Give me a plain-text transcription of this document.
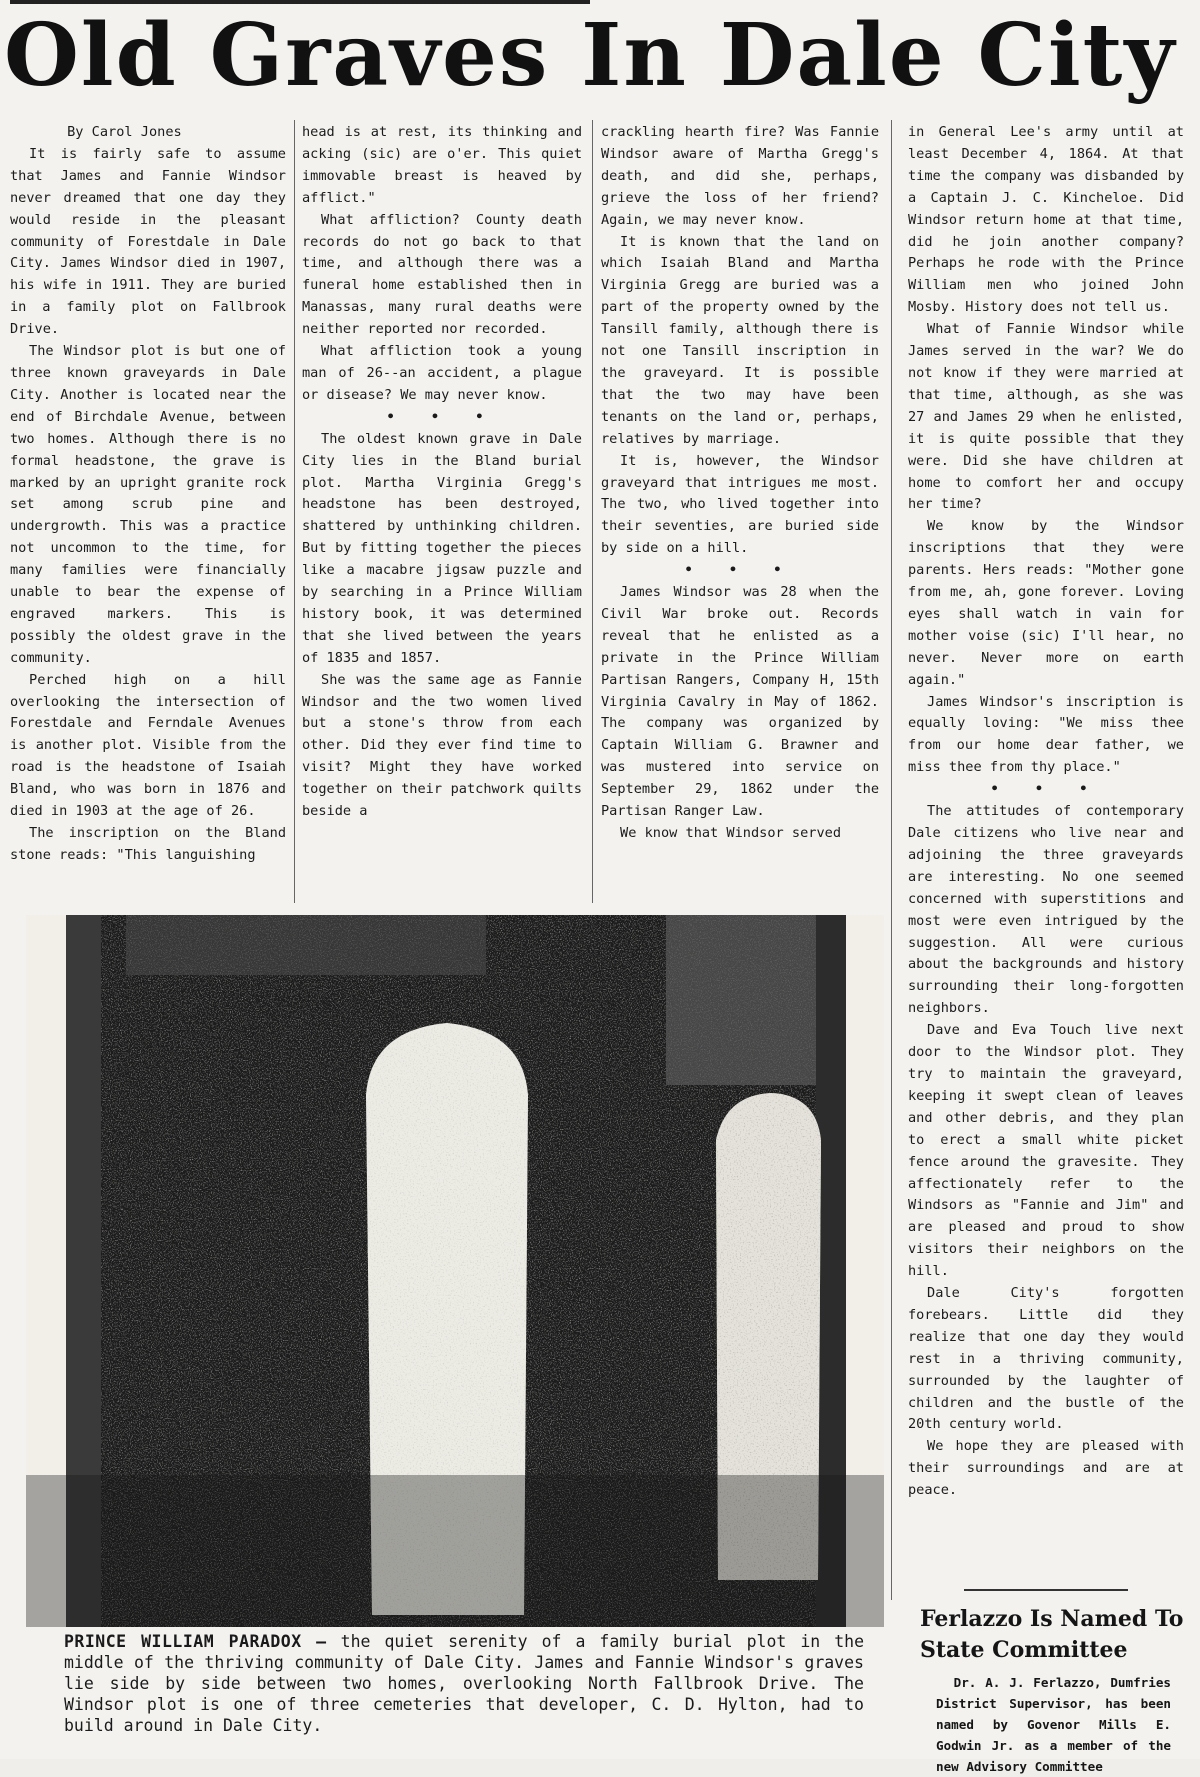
Old Graves In Dale City

By Carol Jones

It is fairly safe to assume that James and Fannie Windsor never dreamed that one day they would reside in the pleasant community of Forestdale in Dale City. James Windsor died in 1907, his wife in 1911. They are buried in a family plot on Fallbrook Drive.

The Windsor plot is but one of three known graveyards in Dale City. Another is located near the end of Birchdale Avenue, between two homes. Although there is no formal headstone, the grave is marked by an upright granite rock set among scrub pine and undergrowth. This was a practice not uncommon to the time, for many families were financially unable to bear the expense of engraved markers. This is possibly the oldest grave in the community.

Perched high on a hill overlooking the intersection of Forestdale and Ferndale Avenues is another plot. Visible from the road is the headstone of Isaiah Bland, who was born in 1876 and died in 1903 at the age of 26.

The inscription on the Bland stone reads: "This languishing

head is at rest, its thinking and acking (sic) are o'er. This quiet immovable breast is heaved by afflict."

What affliction? County death records do not go back to that time, and although there was a funeral home established then in Manassas, many rural deaths were neither reported nor recorded.

What affliction took a young man of 26--an accident, a plague or disease? We may never know.

• • •

The oldest known grave in Dale City lies in the Bland burial plot. Martha Virginia Gregg's headstone has been destroyed, shattered by unthinking children. But by fitting together the pieces like a macabre jigsaw puzzle and by searching in a Prince William history book, it was determined that she lived between the years of 1835 and 1857.

She was the same age as Fannie Windsor and the two women lived but a stone's throw from each other. Did they ever find time to visit? Might they have worked together on their patchwork quilts beside a

crackling hearth fire? Was Fannie Windsor aware of Martha Gregg's death, and did she, perhaps, grieve the loss of her friend? Again, we may never know.

It is known that the land on which Isaiah Bland and Martha Virginia Gregg are buried was a part of the property owned by the Tansill family, although there is not one Tansill inscription in the graveyard. It is possible that the two may have been tenants on the land or, perhaps, relatives by marriage.

It is, however, the Windsor graveyard that intrigues me most. The two, who lived together into their seventies, are buried side by side on a hill.

• • •

James Windsor was 28 when the Civil War broke out. Records reveal that he enlisted as a private in the Prince William Partisan Rangers, Company H, 15th Virginia Cavalry in May of 1862. The company was organized by Captain William G. Brawner and was mustered into service on September 29, 1862 under the Partisan Ranger Law.

We know that Windsor served

in General Lee's army until at least December 4, 1864. At that time the company was disbanded by a Captain J. C. Kincheloe. Did Windsor return home at that time, did he join another company? Perhaps he rode with the Prince William men who joined John Mosby. History does not tell us.

What of Fannie Windsor while James served in the war? We do not know if they were married at that time, although, as she was 27 and James 29 when he enlisted, it is quite possible that they were. Did she have children at home to comfort her and occupy her time?

We know by the Windsor inscriptions that they were parents. Hers reads: "Mother gone from me, ah, gone forever. Loving eyes shall watch in vain for mother voise (sic) I'll hear, no never. Never more on earth again."

James Windsor's inscription is equally loving: "We miss thee from our home dear father, we miss thee from thy place."

• • •

The attitudes of contemporary Dale citizens who live near and adjoining the three graveyards are interesting. No one seemed concerned with superstitions and most were even intrigued by the suggestion. All were curious about the backgrounds and history surrounding their long-forgotten neighbors.

Dave and Eva Touch live next door to the Windsor plot. They try to maintain the graveyard, keeping it swept clean of leaves and other debris, and they plan to erect a small white picket fence around the gravesite. They affectionately refer to the Windsors as "Fannie and Jim" and are pleased and proud to show visitors their neighbors on the hill.

Dale City's forgotten forebears. Little did they realize that one day they would rest in a thriving community, surrounded by the laughter of children and the bustle of the 20th century world.

We hope they are pleased with their surroundings and are at peace.

PRINCE WILLIAM PARADOX — the quiet serenity of a family burial plot in the middle of the thriving community of Dale City. James and Fannie Windsor's graves lie side by side between two homes, overlooking North Fallbrook Drive. The Windsor plot is one of three cemeteries that developer, C. D. Hylton, had to build around in Dale City.
Ferlazzo Is Named To State Committee

Dr. A. J. Ferlazzo, Dumfries District Supervisor, has been named by Govenor Mills E. Godwin Jr. as a member of the new Advisory Committee
